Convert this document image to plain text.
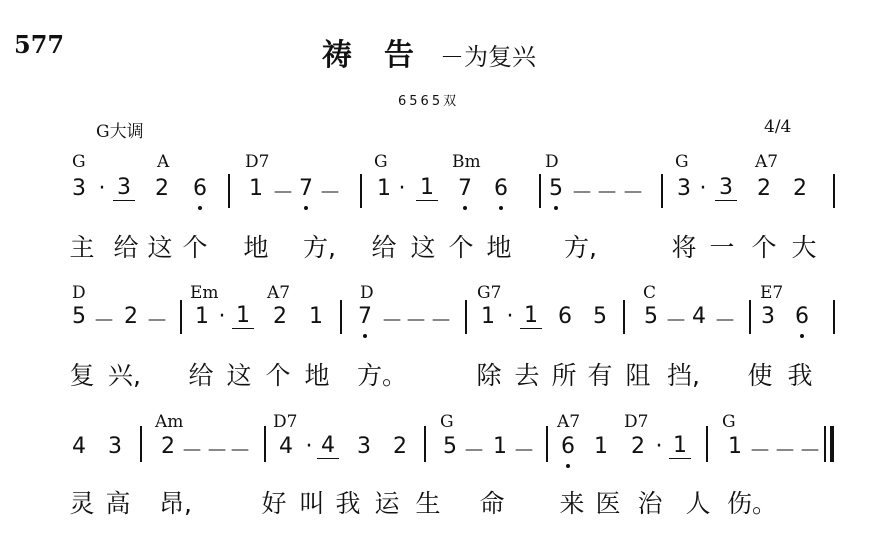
577	祷告
－为复兴
6565双
G大调	4/4
G	A	D7	G	Bm	D	G	A7
3 · 3 2 6 1 － 7 － 1 · 1 7 6 5 － － － 3 · 3 2 2
主 给 这 个 地 方,	给 这 个 地 方,	将 一 个 大
D	Em	A7	D	G7	C	E7
5 － 2 － 1 · 1 2 1 7 － － － 1 · 1 6 5 5 － 4 － 3 6
复 兴,	给 这 个 地 方。	除 去 所 有 阻 挡,	使 我
Am	D7	G	A7	D7	G
4 3 2 － － － 4 · 4 3 2 5 － 1 － 6 1 2 · 1 1 － － －
灵 高 昂,	好 叫 我 运 生 命 来 医 治 人 伤。
